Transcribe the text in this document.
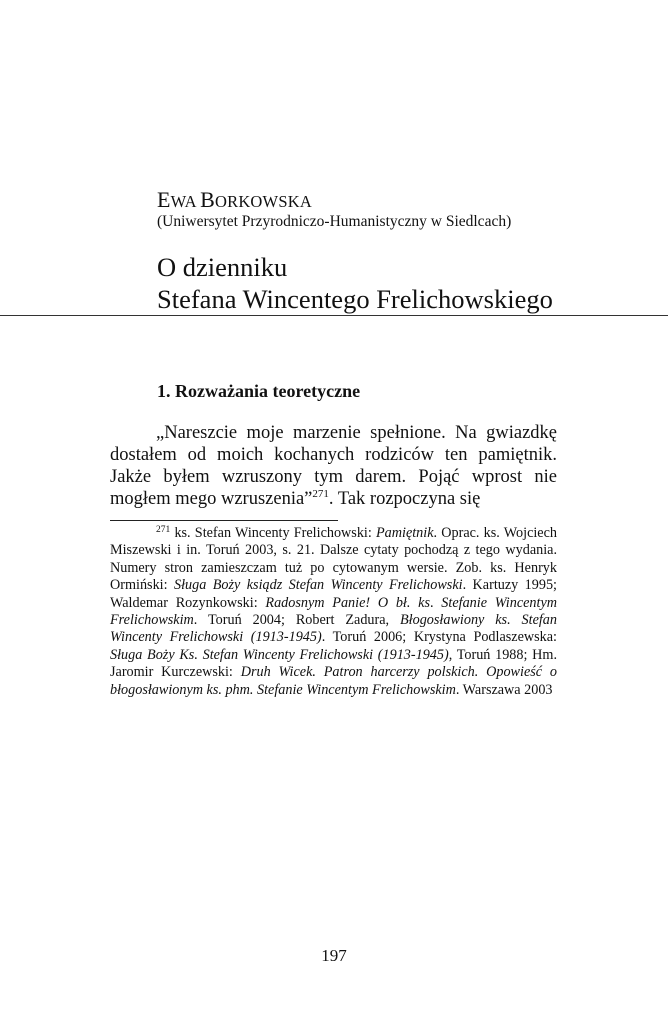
EWA BORKOWSKA
(Uniwersytet Przyrodniczo-Humanistyczny w Siedlcach)
O dzienniku
Stefana Wincentego Frelichowskiego
1. Rozważania teoretyczne

„Nareszcie moje marzenie spełnione. Na gwiazdkę dostałem od moich kochanych rodziców ten pamiętnik. Jakże byłem wzruszony tym darem. Pojąć wprost nie mogłem mego wzruszenia”$^{271}$. Tak rozpoczyna się

$^{271}$ ks. Stefan Wincenty Frelichowski: Pamiętnik. Oprac. ks. Wojciech Miszewski i in. Toruń 2003, s. 21. Dalsze cytaty pochodzą z tego wydania. Numery stron zamieszczam tuż po cytowanym wersie. Zob. ks. Henryk Ormiński: Sługa Boży ksiądz Stefan Wincenty Frelichowski. Kartuzy 1995; Waldemar Rozynkowski: Radosnym Panie! O bł. ks. Stefanie Wincentym Frelichowskim. Toruń 2004; Robert Zadura, Błogosławiony ks. Stefan Wincenty Frelichowski (1913-1945). Toruń 2006; Krystyna Podlaszewska: Sługa Boży Ks. Stefan Wincenty Frelichowski (1913-1945), Toruń 1988; Hm. Jaromir Kurczewski: Druh Wicek. Patron harcerzy polskich. Opowieść o błogosławionym ks. phm. Stefanie Wincentym Frelichowskim. Warszawa 2003

197
